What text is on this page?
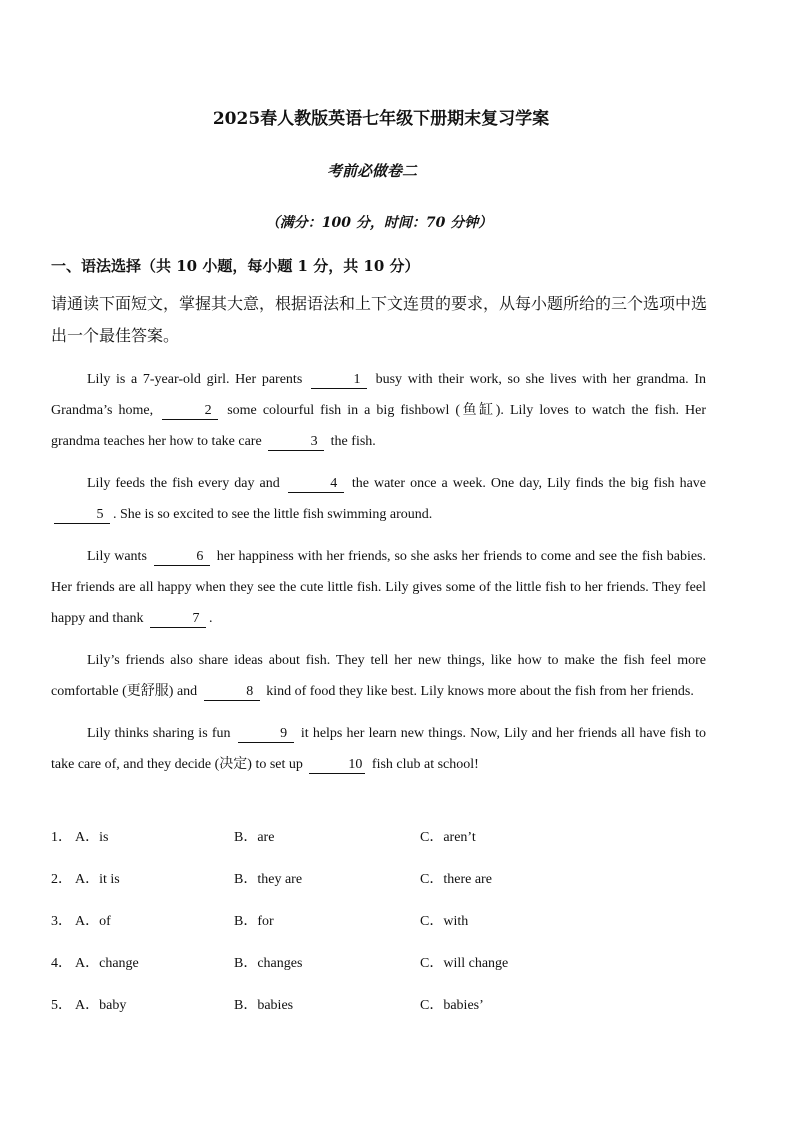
2025春人教版英语七年级下册期末复习学案
考前必做卷二
（满分：100 分，时间：70 分钟）
一、语法选择（共 10 小题，每小题 1 分，共 10 分）
请通读下面短文，掌握其大意，根据语法和上下文连贯的要求，从每小题所给的三个选项中选出一个最佳答案。
Lily is a 7-year-old girl. Her parents	1 busy with their work, so she lives with her grandma. In Grandma’s home,	2 some colourful fish in a big fishbowl (鱼缸). Lily loves to watch the fish. Her grandma teaches her how to take care	3 the fish.
Lily feeds the fish every day and	4 the water once a week. One day, Lily finds the big fish have 5 . She is so excited to see the little fish swimming around.
Lily wants	6 her happiness with her friends, so she asks her friends to come and see the fish babies. Her friends are all happy when they see the cute little fish. Lily gives some of the little fish to her friends. They feel happy and thank	7 .
Lily’s friends also share ideas about fish. They tell her new things, like how to make the fish feel more comfortable (更舒服) and	8 kind of food they like best. Lily knows more about the fish from her friends.
Lily thinks sharing is fun	9 it helps her learn new things. Now, Lily and her friends all have fish to take care of, and they decide (决定) to set up	10 fish club at school!
1． A．is	B．are	C．aren’t
2． A．it is	B．they are	C．there are
3． A．of	B．for	C．with
4． A．change	B．changes	C．will change
5． A．baby	B．babies	C．babies’
